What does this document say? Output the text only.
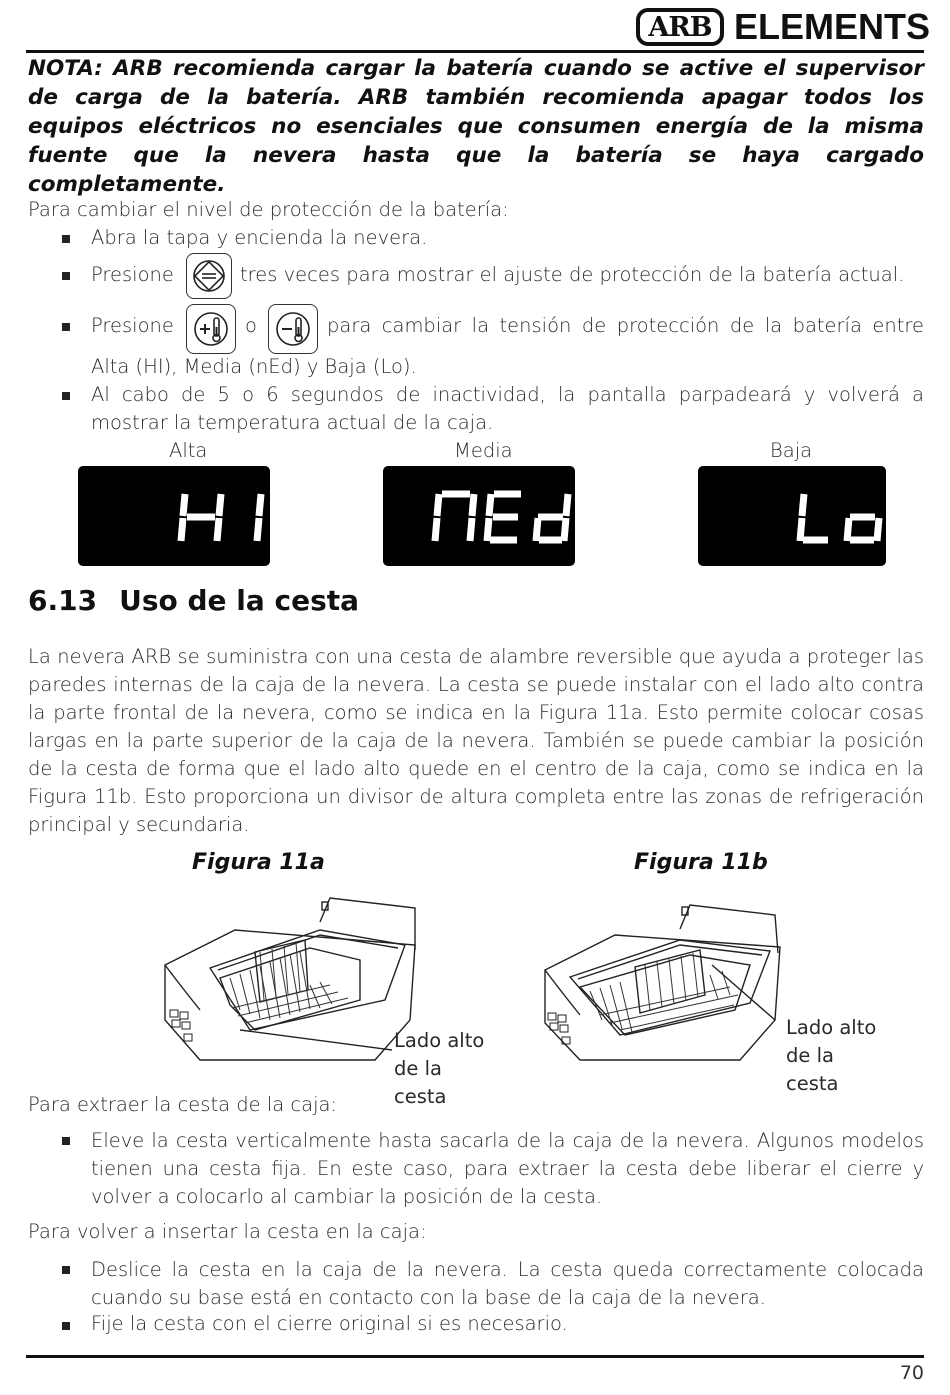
ARB ELEMENTS
NOTA: ARB recomienda cargar la batería cuando se active el supervisor de carga de la batería. ARB también recomienda apagar todos los equipos eléctricos no esenciales que consumen energía de la misma fuente que la nevera hasta que la batería se haya cargado completamente.
Para cambiar el nivel de protección de la batería:
Abra la tapa y encienda la nevera.
Presione	tres veces para mostrar el ajuste de protección de la batería actual.
Presione	o	para cambiar la tensión de protección de la batería entre
Alta (HI), Media (nEd) y Baja (Lo).
Al cabo de 5 o 6 segundos de inactividad, la pantalla parpadeará y volverá a
mostrar la temperatura actual de la caja.
Alta	Media	Baja
6.13 Uso de la cesta
La nevera ARB se suministra con una cesta de alambre reversible que ayuda a proteger las paredes internas de la caja de la nevera. La cesta se puede instalar con el lado alto contra la parte frontal de la nevera, como se indica en la Figura 11a. Esto permite colocar cosas largas en la parte superior de la caja de la nevera. También se puede cambiar la posición de la cesta de forma que el lado alto quede en el centro de la caja, como se indica en la Figura 11b. Esto proporciona un divisor de altura completa entre las zonas de refrigeración principal y secundaria.
Figura 11a	Figura 11b
Lado alto
de la
cesta
Lado alto
de la
cesta
Para extraer la cesta de la caja:
Eleve la cesta verticalmente hasta sacarla de la caja de la nevera. Algunos modelos tienen una cesta fija. En este caso, para extraer la cesta debe liberar el cierre y volver a colocarlo al cambiar la posición de la cesta.
Para volver a insertar la cesta en la caja:
Deslice la cesta en la caja de la nevera. La cesta queda correctamente colocada cuando su base está en contacto con la base de la caja de la nevera.
Fije la cesta con el cierre original si es necesario.
70
